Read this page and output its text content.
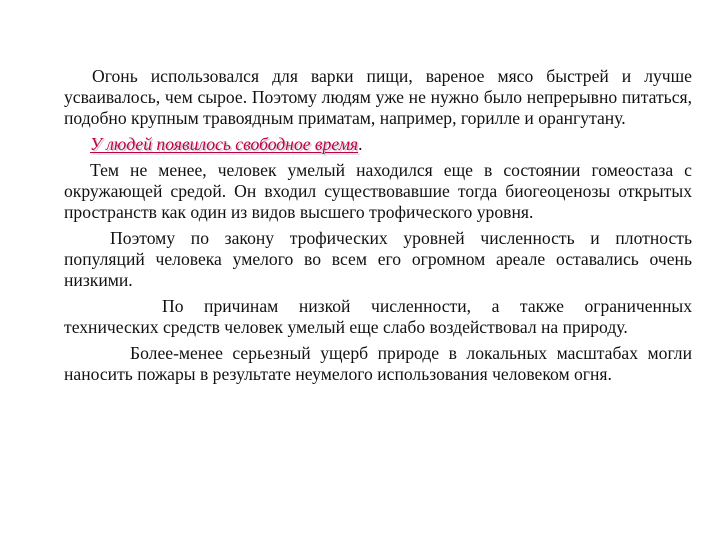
Огонь использовался для варки пищи, вареное мясо быстрей и лучше усваивалось, чем сырое. Поэтому людям уже не нужно было непрерывно питаться, подобно крупным травоядным приматам, например, горилле и орангутану.

У людей появилось свободное время.

Тем не менее, человек умелый находился еще в состоянии гомеостаза с окружающей средой. Он входил существовавшие тогда биогеоценозы открытых пространств как один из видов высшего трофического уровня.

Поэтому по закону трофических уровней численность и плотность популяций человека умелого во всем его огромном ареале оставались очень низкими.

По причинам низкой численности, а также ограниченных технических средств человек умелый еще слабо воздействовал на природу.

Более-менее серьезный ущерб природе в локальных масштабах могли наносить пожары в результате неумелого использования человеком огня.
